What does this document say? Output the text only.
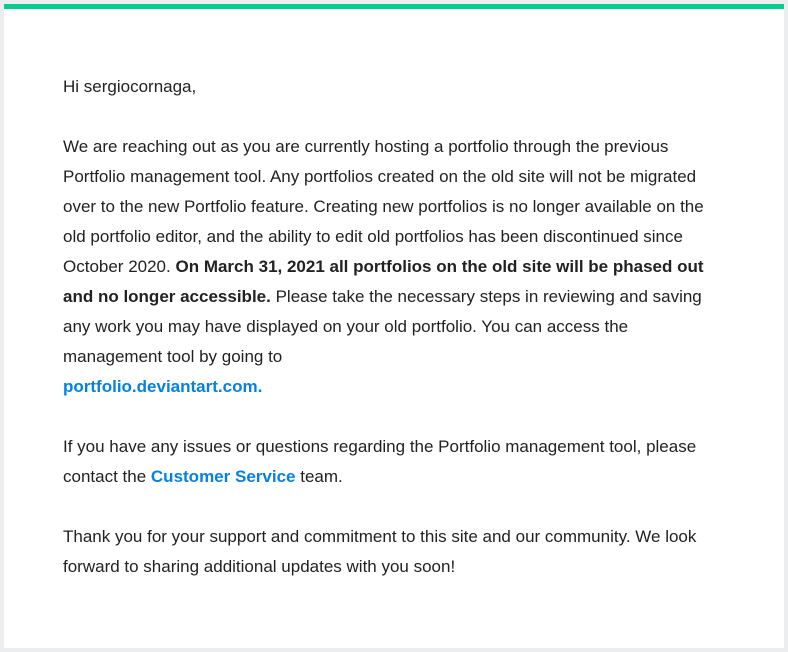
Hi sergiocornaga,

We are reaching out as you are currently hosting a portfolio through the previous Portfolio management tool. Any portfolios created on the old site will not be migrated over to the new Portfolio feature. Creating new portfolios is no longer available on the old portfolio editor, and the ability to edit old portfolios has been discontinued since October 2020. On March 31, 2021 all portfolios on the old site will be phased out and no longer accessible. Please take the necessary steps in reviewing and saving any work you may have displayed on your old portfolio. You can access the management tool by going to
portfolio.deviantart.com.

If you have any issues or questions regarding the Portfolio management tool, please contact the Customer Service team.

Thank you for your support and commitment to this site and our community. We look forward to sharing additional updates with you soon!
